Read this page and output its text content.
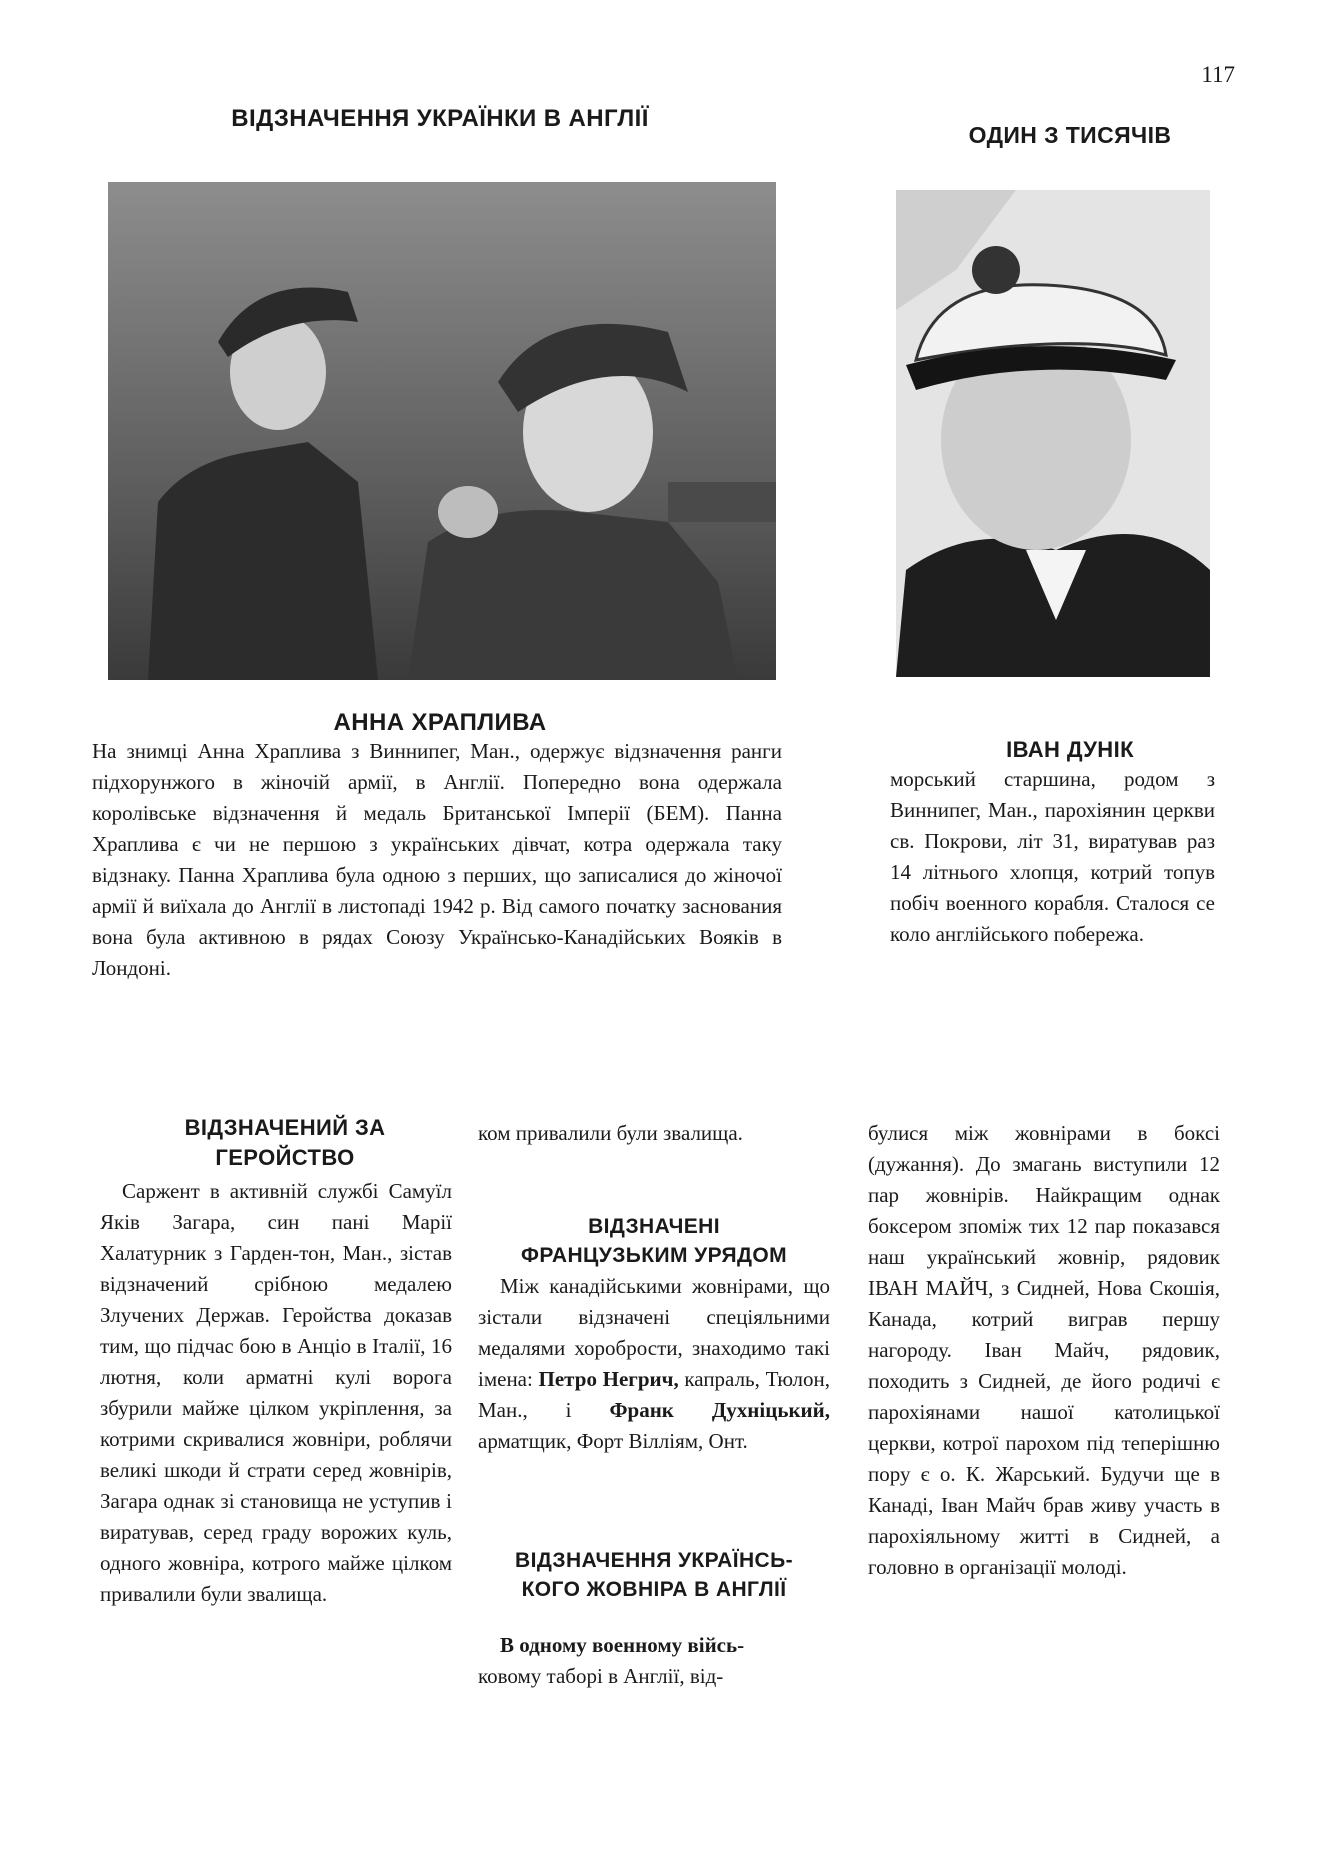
117
ВІДЗНАЧЕННЯ УКРАЇНКИ В АНГЛІЇ
АННА ХРАПЛИВА
На знимці Анна Храплива з Виннипег, Ман., одержує відзначення ранги підхорунжого в жіночій армії, в Англії. Попередно вона одержала королівське відзначення й медаль Британської Імперії (БЕМ). Панна Храплива є чи не першою з українських дівчат, котра одержала таку відзнаку. Панна Храплива була одною з перших, що записалися до жіночої армії й виїхала до Англії в листопаді 1942 р. Від самого початку заснования вона була активною в рядах Союзу Українсько-Канадійських Вояків в Лондоні.
ОДИН З ТИСЯЧІВ
ІВАН ДУНІК
морський старшина, родом з Виннипег, Ман., парохіянин церкви св. Покрови, літ 31, виратував раз 14 літнього хлопця, котрий топув побіч военного корабля. Сталося се коло англійського побережа.
ВІДЗНАЧЕНИЙ ЗА
ГЕРОЙСТВО
Саржент в активній службі Самуїл Яків Загара, син пані Марії Халатурник з Гарден-тон, Ман., зістав відзначений срібною медалею Злучених Держав. Геройства доказав тим, що підчас бою в Анціо в Італії, 16 лютня, коли арматні кулі ворога збурили майже цілком укріплення, за котрими скривалися жовніри, роблячи великі шкоди й страти серед жовнірів, Загара однак зі становища не уступив і виратував, серед граду ворожих куль, одного жовніра, котрого майже цілком привалили були звалища.
ком привалили були звалища.
ВІДЗНАЧЕНІ
ФРАНЦУЗЬКИМ УРЯДОМ
Між канадійськими жовнірами, що зістали відзначені спеціяльними медалями хоробрости, знаходимо такі імена: Петро Негрич, капраль, Тюлон, Ман., і Франк Духніцький, арматщик, Форт Вілліям, Онт.
ВІДЗНАЧЕННЯ УКРАЇНСЬ-
КОГО ЖОВНІРА В АНГЛІЇ
В одному военному війсь-
ковому таборі в Англії, від-
булися між жовнірами в боксі (дужання). До змагань виступили 12 пар жовнірів. Найкращим однак боксером зпоміж тих 12 пар показався наш український жовнір, рядовик ІВАН МАЙЧ, з Сидней, Нова Скошія, Канада, котрий виграв першу нагороду. Іван Майч, рядовик, походить з Сидней, де його родичі є парохіянами нашої католицької церкви, котрої парохом під теперішню пору є о. К. Жарський. Будучи ще в Канаді, Іван Майч брав живу участь в парохіяльному житті в Сидней, а головно в організації молоді.
